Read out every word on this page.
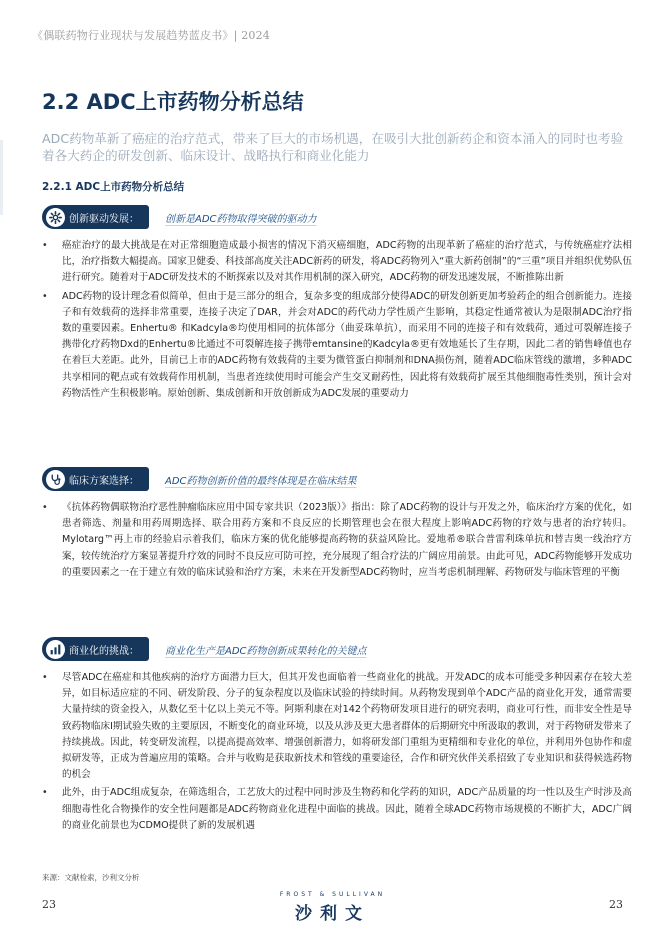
《偶联药物行业现状与发展趋势蓝皮书》| 2024
2.2 ADC上市药物分析总结

ADC药物革新了癌症的治疗范式，带来了巨大的市场机遇，在吸引大批创新药企和资本涌入的同时也考验着各大药企的研发创新、临床设计、战略执行和商业化能力

2.2.1 ADC上市药物分析总结
创新驱动发展：	创新是ADC药物取得突破的驱动力
• 癌症治疗的最大挑战是在对正常细胞造成最小损害的情况下消灭癌细胞，ADC药物的出现革新了癌症的治疗范式，与传统癌症疗法相比，治疗指数大幅提高。国家卫健委、科技部高度关注ADC新药的研发，将ADC药物列入“重大新药创制”的“三重”项目并组织优势队伍进行研究。随着对于ADC研发技术的不断探索以及对其作用机制的深入研究，ADC药物的研发迅速发展，不断推陈出新
• ADC药物的设计理念看似简单，但由于是三部分的组合，复杂多变的组成部分使得ADC的研发创新更加考验药企的组合创新能力。连接子和有效载荷的选择非常重要，连接子决定了DAR，并会对ADC的药代动力学性质产生影响，其稳定性通常被认为是限制ADC治疗指数的重要因素。Enhertu® 和Kadcyla®均使用相同的抗体部分（曲妥珠单抗），而采用不同的连接子和有效载荷，通过可裂解连接子携带化疗药物Dxd的Enhertu®比通过不可裂解连接子携带emtansine的Kadcyla®更有效地延长了生存期，因此二者的销售峰值也存在着巨大差距。此外，目前已上市的ADC药物有效载荷的主要为微管蛋白抑制剂和DNA损伤剂，随着ADC临床管线的激增，多种ADC共享相同的靶点或有效载荷作用机制，当患者连续使用时可能会产生交叉耐药性，因此将有效载荷扩展至其他细胞毒性类别，预计会对药物活性产生积极影响。原始创新、集成创新和开放创新成为ADC发展的重要动力
临床方案选择：	ADC药物创新价值的最终体现是在临床结果
• 《抗体药物偶联物治疗恶性肿瘤临床应用中国专家共识（2023版）》指出：除了ADC药物的设计与开发之外，临床治疗方案的优化，如患者筛选、剂量和用药周期选择、联合用药方案和不良反应的长期管理也会在很大程度上影响ADC药物的疗效与患者的治疗转归。Mylotarg™再上市的经验启示着我们，临床方案的优化能够提高药物的获益风险比。爱地希®联合普雷利珠单抗和替吉奥一线治疗方案，较传统治疗方案显著提升疗效的同时不良反应可防可控，充分展现了组合疗法的广阔应用前景。由此可见，ADC药物能够开发成功的重要因素之一在于建立有效的临床试验和治疗方案，未来在开发新型ADC药物时，应当考虑机制理解、药物研发与临床管理的平衡
商业化的挑战：	商业化生产是ADC药物创新成果转化的关键点
• 尽管ADC在癌症和其他疾病的治疗方面潜力巨大，但其开发也面临着一些商业化的挑战。开发ADC的成本可能受多种因素存在较大差异，如目标适应症的不同、研发阶段、分子的复杂程度以及临床试验的持续时间。从药物发现到单个ADC产品的商业化开发，通常需要大量持续的资金投入，从数亿至十亿以上美元不等。阿斯利康在对142个药物研发项目进行的研究表明，商业可行性，而非安全性是导致药物临床Ⅰ期试验失败的主要原因，不断变化的商业环境，以及从涉及更大患者群体的后期研究中所汲取的教训，对于药物研发带来了持续挑战。因此，转变研发流程，以提高提高效率、增强创新潜力，如将研发部门重组为更精细和专业化的单位，并利用外包协作和虚拟研发等，正成为普遍应用的策略。合并与收购是获取新技术和管线的重要途径，合作和研究伙伴关系招致了专业知识和获得候选药物的机会
• 此外，由于ADC组成复杂，在筛选组合，工艺放大的过程中同时涉及生物药和化学药的知识，ADC产品质量的均一性以及生产时涉及高细胞毒性化合物操作的安全性问题都是ADC药物商业化进程中面临的挑战。因此，随着全球ADC药物市场规模的不断扩大，ADC广阔的商业化前景也为CDMO提供了新的发展机遇
来源：文献检索，沙利文分析
23	23
FROST & SULLIVAN
沙利文
